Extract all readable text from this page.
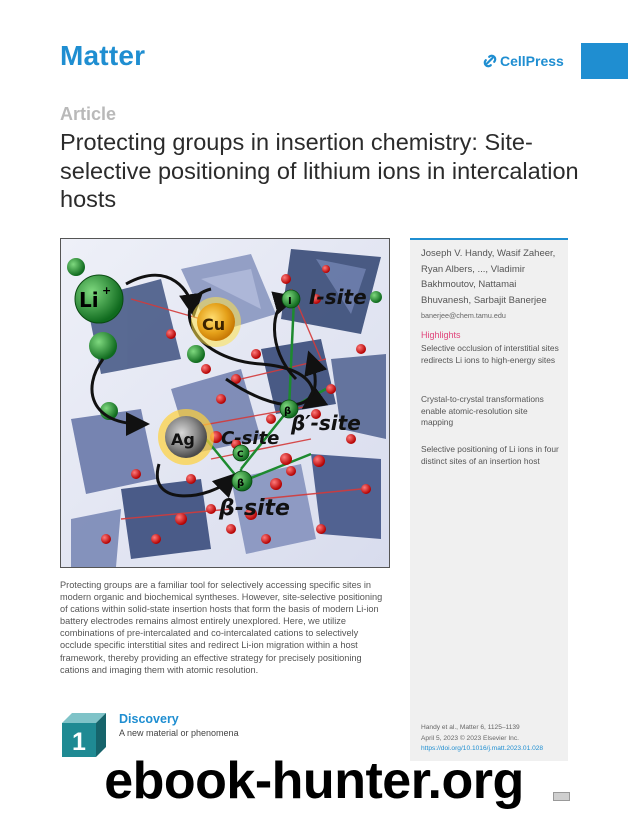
Matter	CellPress
Article
Protecting groups in insertion chemistry: Site-selective positioning of lithium ions in intercalation hosts
Li +
Cu
Ag
I I-site
β β′-site
C
C-site
β
β-site

Protecting groups are a familiar tool for selectively accessing specific sites in modern organic and biochemical syntheses. However, site-selective positioning of cations within solid-state insertion hosts that form the basis of modern Li-ion battery electrodes remains almost entirely unexplored. Here, we utilize combinations of pre-intercalated and co-intercalated cations to selectively occlude specific interstitial sites and redirect Li-ion migration within a host framework, thereby providing an effective strategy for precisely positioning cations and imaging them with atomic resolution.

Joseph V. Handy, Wasif Zaheer, Ryan Albers, ..., Vladimir Bakhmoutov, Nattamai Bhuvanesh, Sarbajit Banerjee
banerjee@chem.tamu.edu
Highlights

Selective occlusion of interstitial sites redirects Li ions to high-energy sites

Crystal-to-crystal transformations enable atomic-resolution site mapping

Selective positioning of Li ions in four distinct sites of an insertion host

Handy et al., Matter 6, 1125–1139
April 5, 2023 © 2023 Elsevier Inc.
https://doi.org/10.1016/j.matt.2023.01.028
1
Discovery
A new material or phenomena
ebook-hunter.org
